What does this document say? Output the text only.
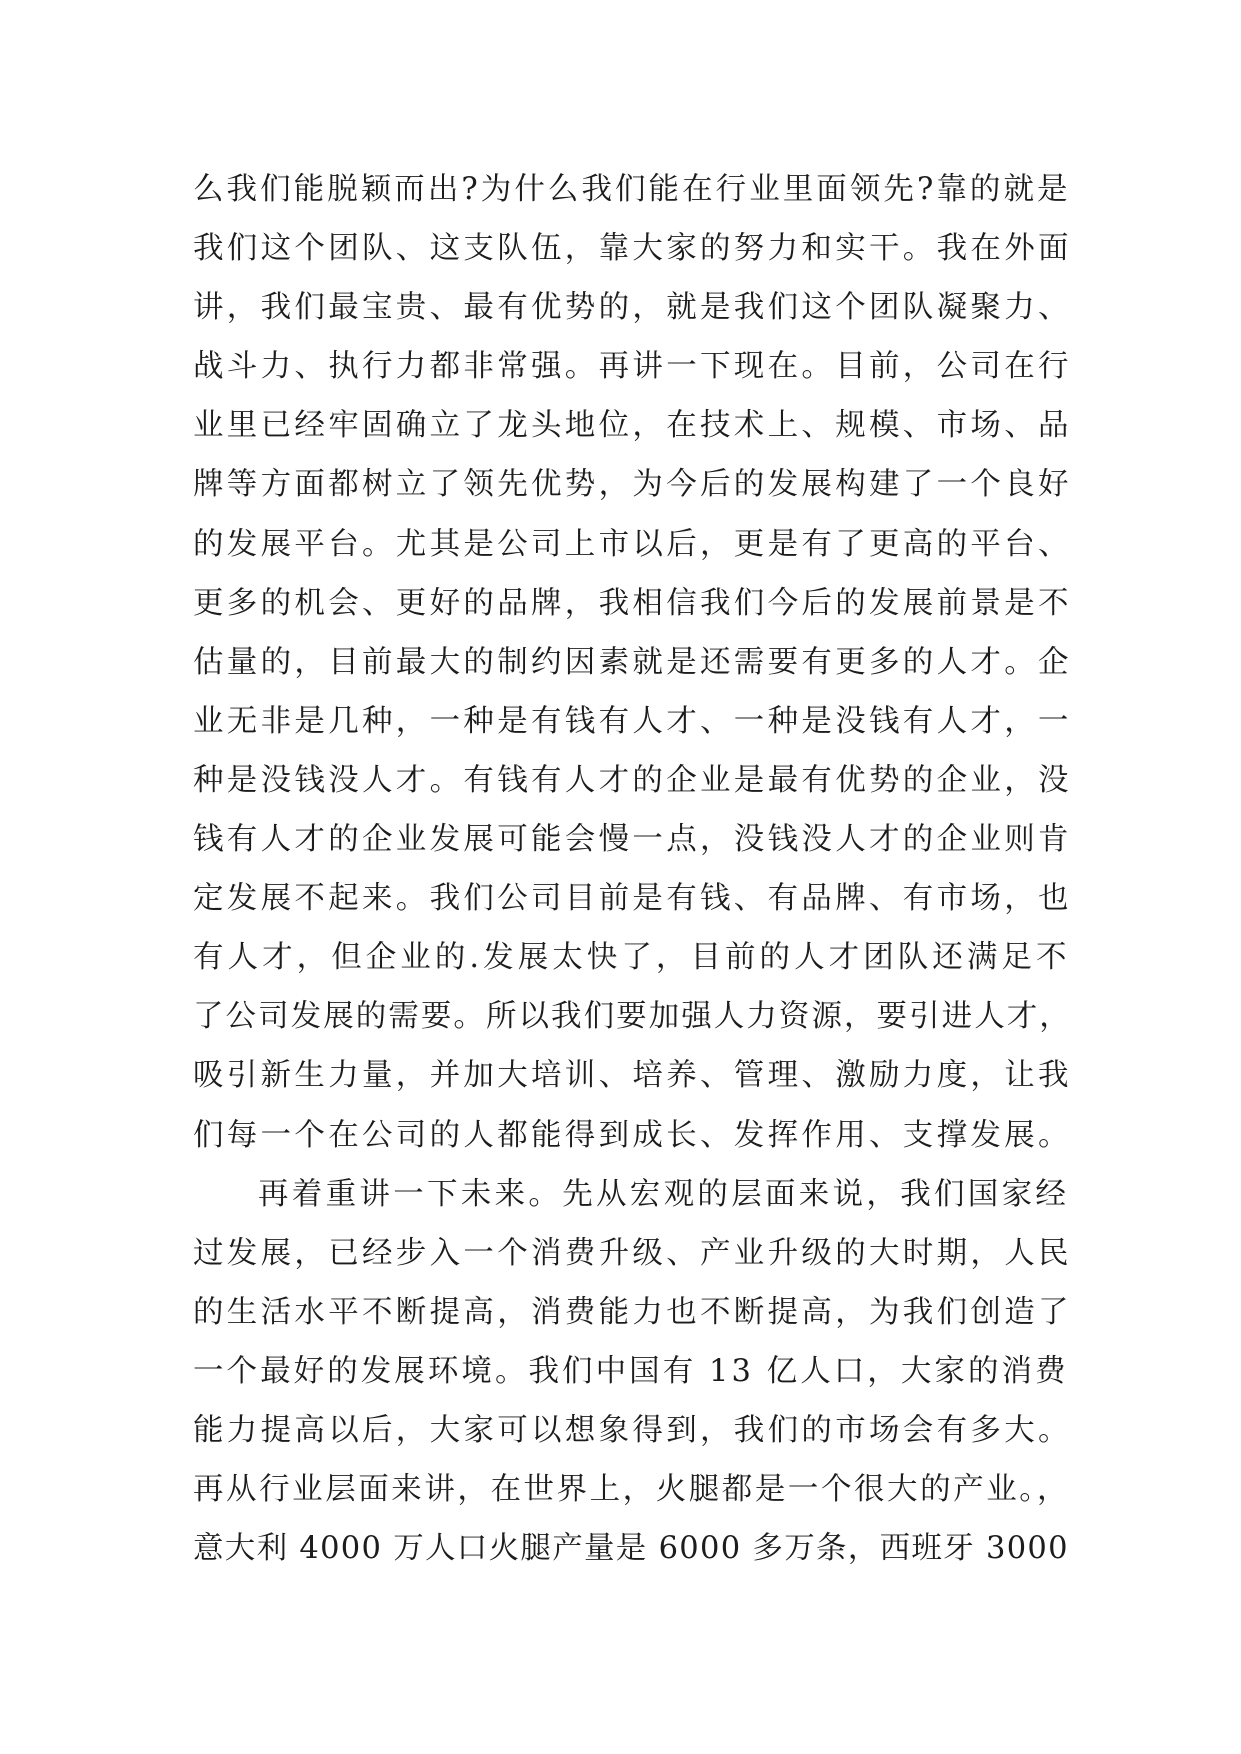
么我们能脱颖而出?为什么我们能在行业里面领先?靠的就是
我们这个团队、这支队伍，靠大家的努力和实干。我在外面
讲，我们最宝贵、最有优势的，就是我们这个团队凝聚力、
战斗力、执行力都非常强。再讲一下现在。目前，公司在行
业里已经牢固确立了龙头地位，在技术上、规模、市场、品
牌等方面都树立了领先优势，为今后的发展构建了一个良好
的发展平台。尤其是公司上市以后，更是有了更高的平台、
更多的机会、更好的品牌，我相信我们今后的发展前景是不
估量的，目前最大的制约因素就是还需要有更多的人才。企
业无非是几种，一种是有钱有人才、一种是没钱有人才，一
种是没钱没人才。有钱有人才的企业是最有优势的企业，没
钱有人才的企业发展可能会慢一点，没钱没人才的企业则肯
定发展不起来。我们公司目前是有钱、有品牌、有市场，也
有人才，但企业的.发展太快了，目前的人才团队还满足不
了公司发展的需要。所以我们要加强人力资源，要引进人才，
吸引新生力量，并加大培训、培养、管理、激励力度，让我
们每一个在公司的人都能得到成长、发挥作用、支撑发展。
再着重讲一下未来。先从宏观的层面来说，我们国家经
过发展，已经步入一个消费升级、产业升级的大时期，人民
的生活水平不断提高，消费能力也不断提高，为我们创造了
一个最好的发展环境。我们中国有 13 亿人口，大家的消费
能力提高以后，大家可以想象得到，我们的市场会有多大。
再从行业层面来讲，在世界上，火腿都是一个很大的产业。，
意大利 4000 万人口火腿产量是 6000 多万条，西班牙 3000
